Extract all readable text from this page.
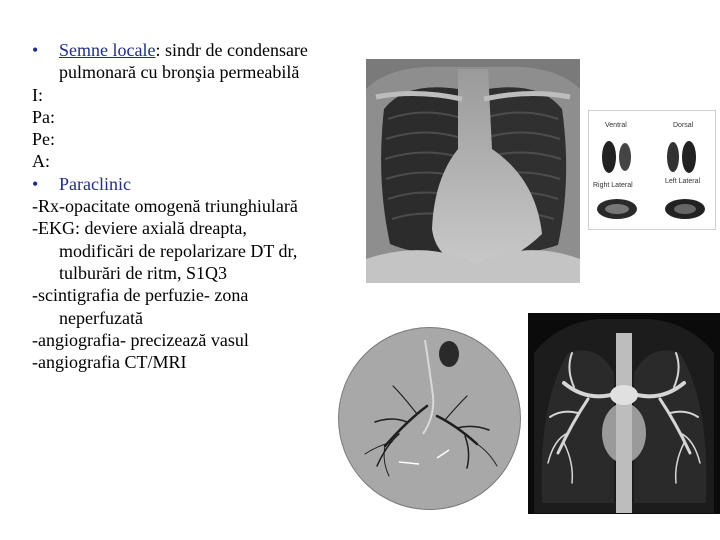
• Semne locale: sindr de condensare
pulmonară cu bronşia permeabilă
I:
Pa:
Pe:
A:
• Paraclinic
-Rx-opacitate omogenă triunghiulară
-EKG: deviere axială dreapta,
modificări de repolarizare DT dr,
tulburări de ritm, S1Q3
-scintigrafia de perfuzie- zona
neperfuzată
-angiografia- precizează vasul
-angiografia CT/MRI
Ventral	Dorsal
Right Lateral
Left Lateral
